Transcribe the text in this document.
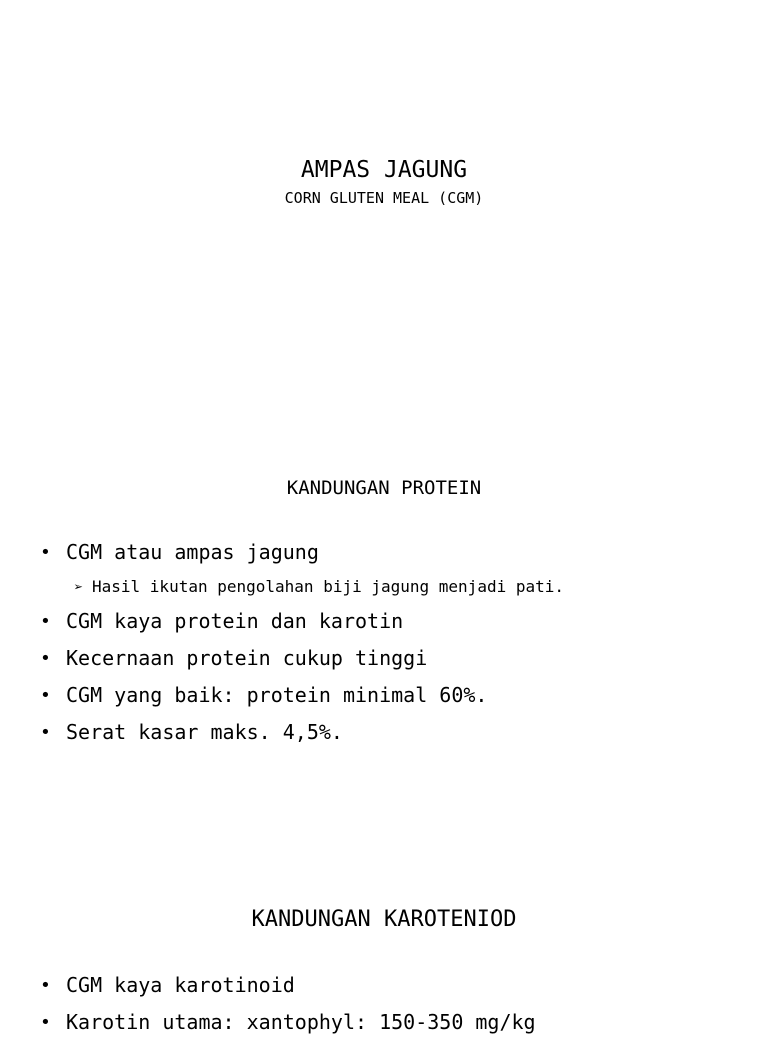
AMPAS JAGUNG
CORN GLUTEN MEAL (CGM)
KANDUNGAN PROTEIN
• CGM atau ampas jagung
➢ Hasil ikutan pengolahan biji jagung menjadi pati.
• CGM kaya protein dan karotin
• Kecernaan protein cukup tinggi
• CGM yang baik: protein minimal 60%.
• Serat kasar maks. 4,5%.
KANDUNGAN KAROTENIOD
• CGM kaya karotinoid
• Karotin utama: xantophyl: 150-350 mg/kg
